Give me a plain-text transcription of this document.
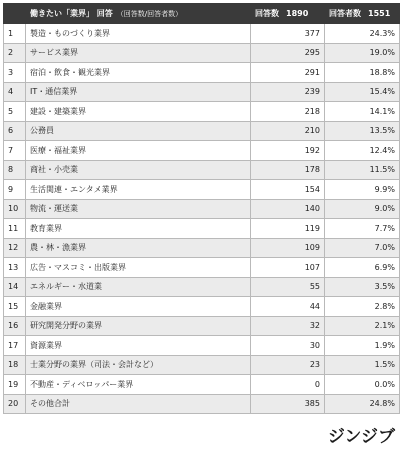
	働きたい「業界」 回答 （回答数/回答者数）	回答数 1890	回答者数 1551
1	製造・ものづくり業界	377	24.3%
2	サービス業界	295	19.0%
3	宿泊・飲食・観光業界	291	18.8%
4	IT・通信業界	239	15.4%
5	建設・建築業界	218	14.1%
6	公務員	210	13.5%
7	医療・福祉業界	192	12.4%
8	商社・小売業	178	11.5%
9	生活関連・エンタメ業界	154	9.9%
10	物流・運送業	140	9.0%
11	教育業界	119	7.7%
12	農・林・漁業界	109	7.0%
13	広告・マスコミ・出版業界	107	6.9%
14	エネルギー・水道業	55	3.5%
15	金融業界	44	2.8%
16	研究開発分野の業界	32	2.1%
17	資源業界	30	1.9%
18	士業分野の業界（司法・会計など）	23	1.5%
19	不動産・ディベロッパー業界	0	0.0%
20	その他合計	385	24.8%
ジンジブ
